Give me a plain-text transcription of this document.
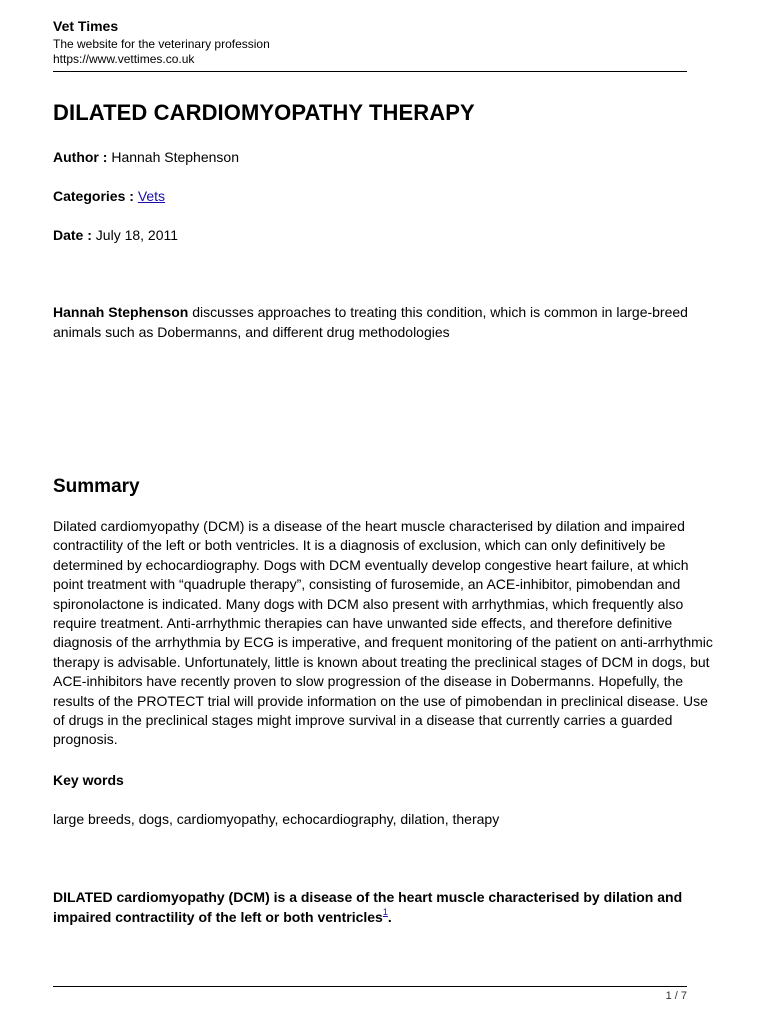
Vet Times

The website for the veterinary profession

https://www.vettimes.co.uk

DILATED CARDIOMYOPATHY THERAPY

Author : Hannah Stephenson

Categories : Vets

Date : July 18, 2011

Hannah Stephenson discusses approaches to treating this condition, which is common in large-breed animals such as Dobermanns, and different drug methodologies

Summary

Dilated cardiomyopathy (DCM) is a disease of the heart muscle characterised by dilation and impaired contractility of the left or both ventricles. It is a diagnosis of exclusion, which can only definitively be determined by echocardiography. Dogs with DCM eventually develop congestive heart failure, at which point treatment with “quadruple therapy”, consisting of furosemide, an ACE-inhibitor, pimobendan and spironolactone is indicated. Many dogs with DCM also present with arrhythmias, which frequently also require treatment. Anti-arrhythmic therapies can have unwanted side effects, and therefore definitive diagnosis of the arrhythmia by ECG is imperative, and frequent monitoring of the patient on anti-arrhythmic therapy is advisable. Unfortunately, little is known about treating the preclinical stages of DCM in dogs, but ACE-inhibitors have recently proven to slow progression of the disease in Dobermanns. Hopefully, the results of the PROTECT trial will provide information on the use of pimobendan in preclinical disease. Use of drugs in the preclinical stages might improve survival in a disease that currently carries a guarded prognosis.

Key words

large breeds, dogs, cardiomyopathy, echocardiography, dilation, therapy

DILATED cardiomyopathy (DCM) is a disease of the heart muscle characterised by dilation and impaired contractility of the left or both ventricles$^1$.

1 / 7
